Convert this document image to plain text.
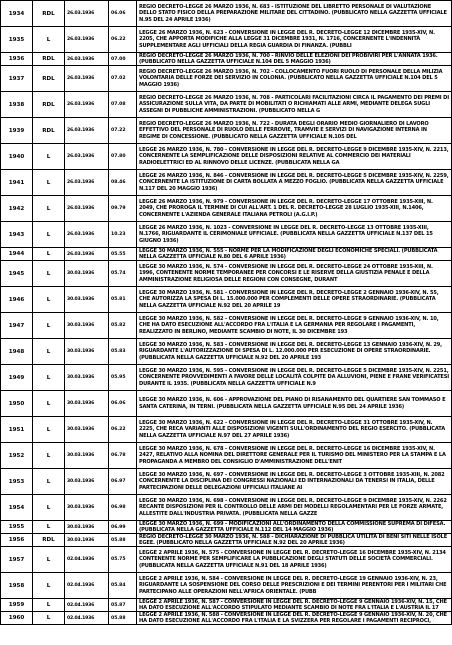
1934	RDL	26.03.1936	06.06	REGIO DECRETO-LEGGE 26 MARZO 1936, N. 683 - ISTITUZIONE DEL LIBRETTO PERSONALE DI VALUTAZIONE DELLO STATO FISICO DELLA PREPARAZIONE MILITARE DEL CITTADINO. (PUBBLICATO NELLA GAZZETTA UFFICIALE N.95 DEL 24 APRILE 1936)

1935	L	26.03.1936	06.22	LEGGE 26 MARZO 1936, N. 623 - CONVERSIONE IN LEGGE DEL R. DECRETO-LEGGE 12 DICEMBRE 1935-XIV, N. 2205, CHE APPORTA MODIFICHE ALLA LEGGE 31 DICEMBRE 1931, N. 1716, CONCERNENTE L'INDENNITÀ SUPPLEMENTARE AGLI UFFICIALI DELLA REGIA GUARDIA DI FINANZA. (PUBBLI

1936	RDL	26.03.1936	07.00	REGIO DECRETO-LEGGE 26 MARZO 1936, N. 700 - RINVIO DELLE ELEZIONI DEI PROBIVIRI PER L'ANNATA 1936. (PUBBLICATO NELLA GAZZETTA UFFICIALE N.104 DEL 5 MAGGIO 1936)

1937	RDL	26.03.1936	07.02	REGIO DECRETO-LEGGE 26 MARZO 1936, N. 702 - COLLOCAMENTO FUORI RUOLO DI PERSONALE DELLA MILIZIA VOLONTARIA DELLE FORZE DEI SERVIZIO IN COLONIA. (PUBBLICATO NELLA GAZZETTA UFFICIALE N.104 DEL 5 MAGGIO 1936)

1938	RDL	26.03.1936	07.08	REGIO DECRETO-LEGGE 26 MARZO 1936, N. 708 - PARTICOLARI FACILITAZIONI CIRCA IL PAGAMENTO DEI PREMI DI ASSICURAZIONE SULLA VITA, DA PARTE DI MOBILITATI O RICHIAMATI ALLE ARMI, MEDIANTE DELEGA SUGLI ASSEGNI DI PUBBLICHE AMMINISTRAZIONI. (PUBBLICATO NELLA G

1939	RDL	26.03.1936	07.22	REGIO DECRETO-LEGGE 26 MARZO 1936, N. 722 - DURATA DEGLI ORARIO MEDIO GIORNALIERO DI LAVORO EFFETTIVO DEL PERSONALE DI RUOLO DELLE FERROVIE, TRAMVIE E SERVIZI DI NAVIGAZIONE INTERNA IN REGIME DI CONCESSIONE. (PUBBLICATO NELLA GAZZETTA UFFICIALE N.105 DEL

1940	L	26.03.1936	07.80	LEGGE 26 MARZO 1936, N. 780 - CONVERSIONE IN LEGGE DEL R. DECRETO-LEGGE 9 DICEMBRE 1935-XIV, N. 2213, CONCERNENTE LA SEMPLIFICAZIONE DELLE DISPOSIZIONI RELATIVE AL COMMERCIO DEI MATERIALI RADIOELETTRICI ED AL RINNOVO DELLE LICENZE. (PUBBLICATA NELLA GA

1941	L	26.03.1936	08.46	LEGGE 26 MARZO 1936, N. 846 - CONVERSIONE IN LEGGE DEL R. DECRETO-LEGGE 5 DICEMBRE 1935-XIV, N. 2259, CONCERNENTE LA ISTITUZIONE DI CARTA BOLLATA A MEZZO FOGLIO. (PUBBLICATA NELLA GAZZETTA UFFICIALE N.117 DEL 20 MAGGIO 1936)

1942	L	26.03.1936	09.79	LEGGE 26 MARZO 1936, N. 979 - CONVERSIONE IN LEGGE DEL R. DECRETO-LEGGE 17 OTTOBRE 1935-XIII, N. 2049, CHE PROROGA IL TERMINE DI CUI ALL'ART. 1 DEL R. DECRETO-LEGGE 28 LUGLIO 1935-XIII, N.1406, CONCERNENTE L'AZIENDA GENERALE ITALIANA PETROLI (A.G.I.P.)

1943	L	26.03.1936	10.23	LEGGE 26 MARZO 1936, N. 1023 - CONVERSIONE IN LEGGE DEL R. DECRETO-LEGGE 13 OTTOBRE 1935-XIII, N.1766, RIGUARDANTE IL CERIMONIALE UFFICIALE. (PUBBLICATA NELLA GAZZETTA UFFICIALE N.137 DEL 15 GIUGNO 1936)

1944	L	26.03.1936	05.55	LEGGE 30 MARZO 1936, N. 555 - NORME PER LA MODIFICAZIONE DEGLI ECONOMICHE SPECIALI. (PUBBLICATA NELLA GAZZETTA UFFICIALE N.80 DEL 6 APRILE 1936)

1945	L	30.03.1936	05.74	LEGGE 30 MARZO 1936, N. 574 - CONVERSIONE IN LEGGE DEL R. DECRETO-LEGGE 24 OTTOBRE 1935-XIII, N. 1996, CONTENENTE NORME TEMPORANEE PER CONCORSI E LE RISERVE DELLA GIUSTIZIA PENALE E DELLA AMMINISTRAZIONE RELIGIOSA DELLE REGIONI CON CONSEGNE, DURANT

1946	L	30.03.1936	05.81	LEGGE 30 MARZO 1936, N. 581 - CONVERSIONE IN LEGGE DEL R. DECRETO-LEGGE 2 GENNAIO 1936-XIV, N. 55, CHE AUTORIZZA LA SPESA DI L. 15.000.000 PER COMPLEMENTI DELLE OPERE STRAORDINARIE. (PUBBLICATA NELLA GAZZETTA UFFICIALE N.92 DEL 20 APRILE 19

1947	L	30.03.1936	05.82	LEGGE 30 MARZO 1936, N. 582 - CONVERSIONE IN LEGGE DEL R. DECRETO-LEGGE 9 GENNAIO 1936-XIV, N. 10, CHE HA DATO ESECUZIONE ALL'ACCORDO FRA L'ITALIA E LA GERMANIA PER REGOLARE I PAGAMENTI, REALIZZATO IN BERLINO, MEDIANTE SCAMBIO DI NOTE, IL 30 DICEMBRE 193

1948	L	30.03.1936	05.83	LEGGE 30 MARZO 1936, N. 583 - CONVERSIONE IN LEGGE DEL R. DECRETO-LEGGE 13 GENNAIO 1936-XIV, N. 29, RIGUARDANTE L'AUTORIZZAZIONE DI SPESA DI L. 12.000.000 PER ESECUZIONE DI OPERE STRAORDINARIE. (PUBBLICATA NELLA GAZZETTA UFFICIALE N.92 DEL 20 APRILE 193

1949	L	30.03.1936	05.95	LEGGE 30 MARZO 1936, N. 595 - CONVERSIONE IN LEGGE DEL R. DECRETO-LEGGE 5 DICEMBRE 1935-XIV, N. 2251, CONCERNENTE PROVVEDIMENTI A FAVORE DELLE LOCALITÀ COLPITE DA ALLUVIONI, PIENE E FRANE VERIFICATESI DURANTE IL 1935. (PUBBLICATA NELLA GAZZETTA UFFICIALE N.9

1950	L	30.03.1936	06.06	LEGGE 30 MARZO 1936, N. 606 - APPROVAZIONE DEL PIANO DI RISANAMENTO DEL QUARTIERE SAN TOMMASO E SANTA CATERINA, IN TERNI. (PUBBLICATA NELLA GAZZETTA UFFICIALE N.95 DEL 24 APRILE 1936)

1951	L	30.03.1936	06.22	LEGGE 30 MARZO 1936, N. 622 - CONVERSIONE IN LEGGE DEL R. DECRETO-LEGGE 31 OTTOBRE 1935-XIV, N. 2225, CHE RECA VARIANTI ALLE DISPOSIZIONI VIGENTI SULL'ORDINAMENTO DEL REGIO ESERCITO. (PUBBLICATA NELLA GAZZETTA UFFICIALE N.97 DEL 27 APRILE 1936)

1952	L	30.03.1936	06.78	LEGGE 30 MARZO 1936, N. 678 - CONVERSIONE IN LEGGE DEL R. DECRETO-LEGGE 16 DICEMBRE 1935-XIV, N. 2427, RELATIVO ALLA NOMINA DEL DIRETTORE GENERALE PER IL TURISMO DEL MINISTERO PER LA STAMPA E LA PROPAGANDA A MEMBRO DEL CONSIGLIO D'AMMINISTRAZIONE DELL'ENIT

1953	L	30.03.1936	06.97	LEGGE 30 MARZO 1936, N. 697 - CONVERSIONE IN LEGGE DEL R. DECRETO-LEGGE 3 OTTOBRE 1935-XIII, N. 2082 CONCERNENTE LA DISCIPLINA DEI CONGRESSI NAZIONALI ED INTERNAZIONALI DA TENERSI IN ITALIA, DELLE PARTECIPAZIONI DELLE DELEGAZIONI UFFICIALI ITALIANE AI

1954	L	30.03.1936	06.98	LEGGE 30 MARZO 1936, N. 698 - CONVERSIONE IN LEGGE DEL R. DECRETO-LEGGE 9 DICEMBRE 1935-XIV, N. 2262 RECANTE DISPOSIZIONI PER IL CONTROLLO DELLE ARMI DEI MODELLI REGOLAMENTARI PER LE FORZE ARMATE, ALLESTITE DALL'INDUSTRIA PRIVATA. (PUBBLICATA NELLA GAZZE

1955	L	30.03.1936	06.99	LEGGE 30 MARZO 1936, N. 699 - MODIFICAZIONI ALL'ORDINAMENTO DELLA COMMISSIONE SUPREMA DI DIFESA. (PUBBLICATA NELLA GAZZETTA UFFICIALE N.112 DEL 14 MAGGIO 1936)

1956	RDL	30.03.1936	05.88	REGIO DECRETO-LEGGE 30 MARZO 1936, N. 588 - DICHIARAZIONE DI PUBBLICA UTILITÀ DI BENI SITI NELLE ISOLE EGEE. (PUBBLICATO NELLA GAZZETTA UFFICIALE N.92 DEL 20 APRILE 1936)

1957	L	02.04.1936	05.75	LEGGE 2 APRILE 1936, N. 575 - CONVERSIONE IN LEGGE DEL R. DECRETO-LEGGE 16 DICEMBRE 1935-XIV, N. 2134 CONTENENTE NORME PER SEMPLIFICARE LA PUBBLICAZIONE DEGLI STATUTI DELLE SOCIETÀ COMMERCIALI. (PUBBLICATA NELLA GAZZETTA UFFICIALE N.91 DEL 18 APRILE 1936)

1958	L	02.04.1936	05.84	LEGGE 2 APRILE 1936, N. 584 - CONVERSIONE IN LEGGE DEL R. DECRETO-LEGGE 19 GENNAIO 1936-XIV, N. 23, RIGUARDANTE LA SOSPENSIONE DEL CORSO DELLE PRESCRIZIONI E DEI TERMINI PERENTORI PER I MILITARI CHE PARTECIPANO ALLE OPERAZIONI NELL'AFRICA ORIENTALE. (PUBB

1959	L	02.04.1936	05.87	LEGGE 2 APRILE 1936, N. 587 - CONVERSIONE IN LEGGE DEL R. DECRETO-LEGGE 9 GENNAIO 1936-XIV, N. 15, CHE HA DATO ESECUZIONE ALL'ACCORDO STIPULATO MEDIANTE SCAMBIO DI NOTE FRA L'ITALIA E L'AUSTRIA IL 17

1960	L	02.04.1936	05.88	LEGGE 2 APRILE 1936, N. 588 - CONVERSIONE IN LEGGE DEL R. DECRETO-LEGGE 9 GENNAIO 1936-XIV, N. 20, CHE HA DATO ESECUZIONE ALL'ACCORDO FRA L'ITALIA E LA SVIZZERA PER REGOLARE I PAGAMENTI RECIPROCI,
